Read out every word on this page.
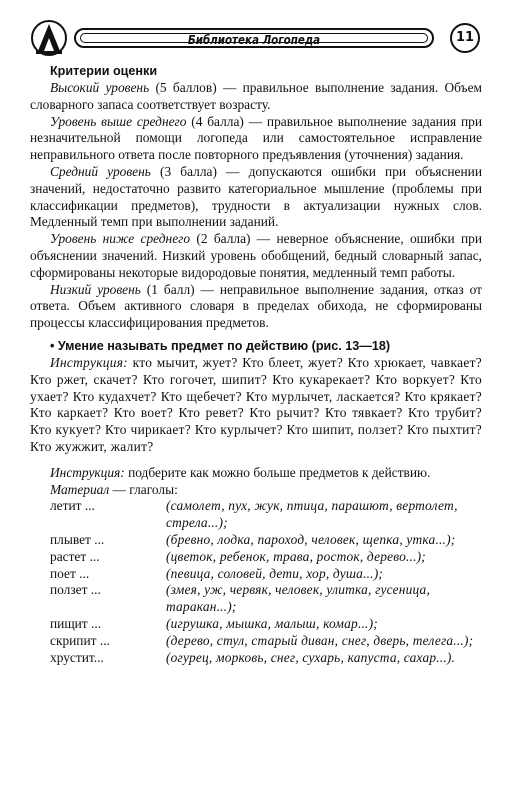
Библиотека Логопеда	11

Критерии оценки

Высокий уровень (5 баллов) — правильное выполнение задания. Объем словарного запаса соответствует возрасту.

Уровень выше среднего (4 балла) — правильное выполнение задания при незначительной помощи логопеда или самостоятельное исправление неправильного ответа после повторного предъявления (уточнения) задания.

Средний уровень (3 балла) — допускаются ошибки при объяснении значений, недостаточно развито категориальное мышление (проблемы при классификации предметов), трудности в актуализации нужных слов. Медленный темп при выполнении заданий.

Уровень ниже среднего (2 балла) — неверное объяснение, ошибки при объяснении значений. Низкий уровень обобщений, бедный словарный запас, сформированы некоторые видородовые понятия, медленный темп работы.

Низкий уровень (1 балл) — неправильное выполнение задания, отказ от ответа. Объем активного словаря в пределах обихода, не сформированы процессы классифицирования предметов.

• Умение называть предмет по действию (рис. 13—18)

Инструкция: кто мычит, жует? Кто блеет, жует? Кто хрюкает, чавкает? Кто ржет, скачет? Кто гогочет, шипит? Кто кукарекает? Кто воркует? Кто ухает? Кто кудахчет? Кто щебечет? Кто мурлычет, ласкается? Кто крякает? Кто каркает? Кто воет? Кто ревет? Кто рычит? Кто тявкает? Кто трубит? Кто кукует? Кто чирикает? Кто курлычет? Кто шипит, ползет? Кто пыхтит? Кто жужжит, жалит?

Инструкция: подберите как можно больше предметов к действию.

Материал — глаголы:

летит ...	(самолет, пух, жук, птица, парашют, вертолет, стрела...);
плывет ...	(бревно, лодка, пароход, человек, щепка, утка...);
растет ...	(цветок, ребенок, трава, росток, дерево...);
поет ...	(певица, соловей, дети, хор, душа...);
ползет ...	(змея, уж, червяк, человек, улитка, гусеница, таракан...);
пищит ...	(игрушка, мышка, малыш, комар...);
скрипит ...	(дерево, стул, старый диван, снег, дверь, телега...);
хрустит...	(огурец, морковь, снег, сухарь, капуста, сахар...).
